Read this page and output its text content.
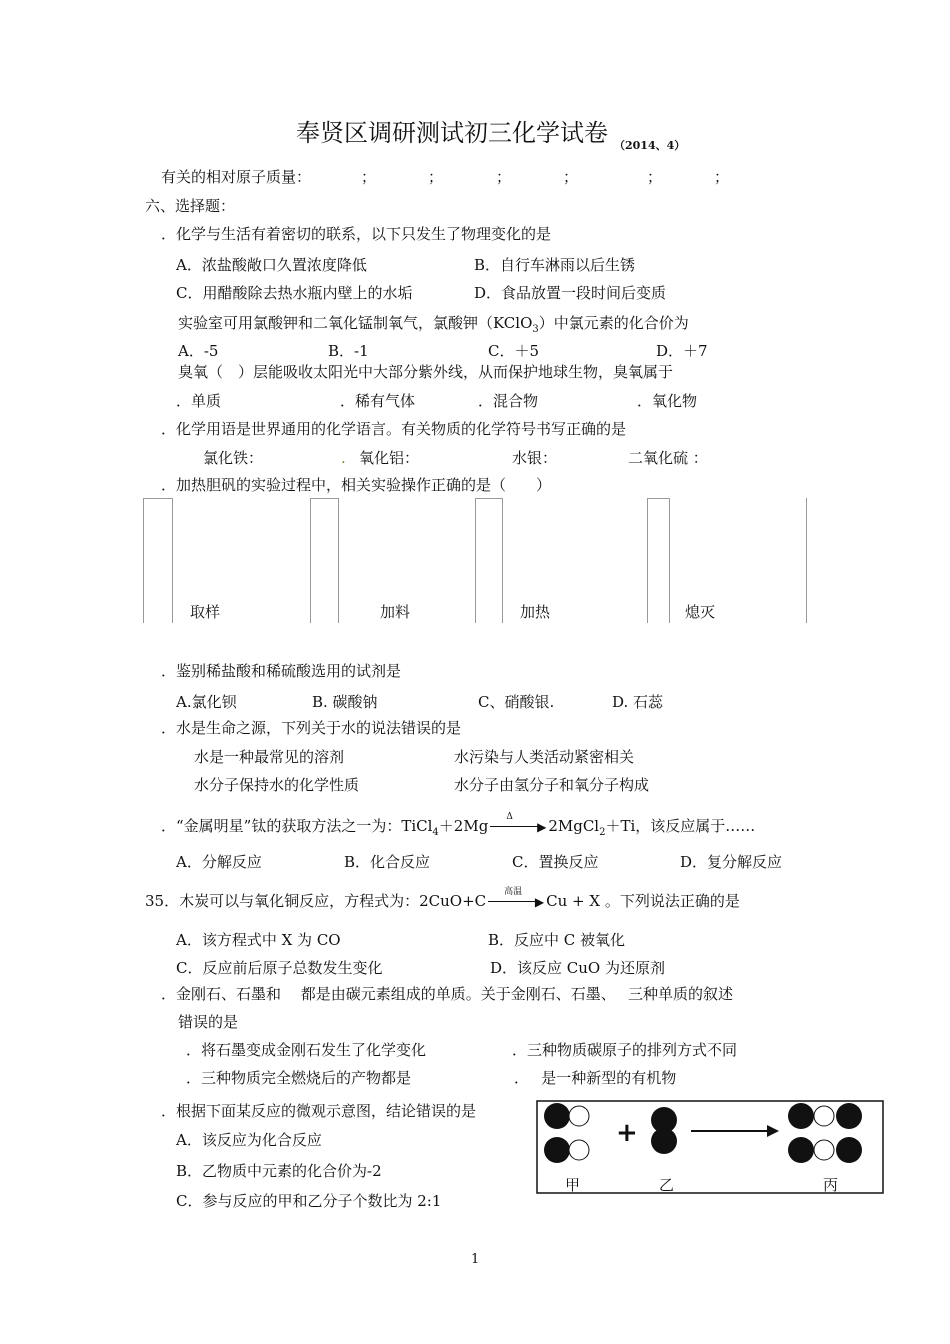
奉贤区调研测试初三化学试卷 $_{(2014、4)}$
有关的相对原子质量：	；	；	；	；	；	；
六、选择题：
．化学与生活有着密切的联系，以下只发生了物理变化的是
A．浓盐酸敞口久置浓度降低	B．自行车淋雨以后生锈
C．用醋酸除去热水瓶内壁上的水垢	D．食品放置一段时间后变质
实验室可用氯酸钾和二氧化锰制氧气，氯酸钾（KClO$_3$）中氯元素的化合价为
A．-5	B．-1	C．＋5	D．＋7
臭氧（　）层能吸收太阳光中大部分紫外线，从而保护地球生物，臭氧属于
．单质	．稀有气体	．混合物	．氧化物
．化学用语是世界通用的化学语言。有关物质的化学符号书写正确的是
氯化铁：	. 氧化铝：	水银：	二氧化硫 ：
．加热胆矾的实验过程中，相关实验操作正确的是（　　）
取样	加料	加热	熄灭
．鉴别稀盐酸和稀硫酸选用的试剂是
A.氯化钡	B. 碳酸钠	C、硝酸银.	D. 石蕊
．水是生命之源，下列关于水的说法错误的是
水是一种最常见的溶剂	水污染与人类活动紧密相关
水分子保持水的化学性质	水分子由氢分子和氧分子构成
．“金属明星”钛的获取方法之一为：TiCl$_4$＋2Mg Δ
▶ 2MgCl$_2$＋Ti，该反应属于……
A．分解反应	B．化合反应	C．置换反应	D．复分解反应
35．木炭可以与氧化铜反应，方程式为：2CuO+C 高温
▶ Cu + X 。下列说法正确的是
A．该方程式中 X 为 CO	B．反应中 C 被氧化
C．反应前后原子总数发生变化	D．该反应 CuO 为还原剂
．金刚石、石墨和　 都是由碳元素组成的单质。关于金刚石、石墨、　 三种单质的叙述
错误的是
．将石墨变成金刚石发生了化学变化	．三种物质碳原子的排列方式不同
．三种物质完全燃烧后的产物都是	．　 是一种新型的有机物
．根据下面某反应的微观示意图，结论错误的是
A．该反应为化合反应
B．乙物质中元素的化合价为-2
C．参与反应的甲和乙分子个数比为 2:1
+
甲	乙	丙
1
